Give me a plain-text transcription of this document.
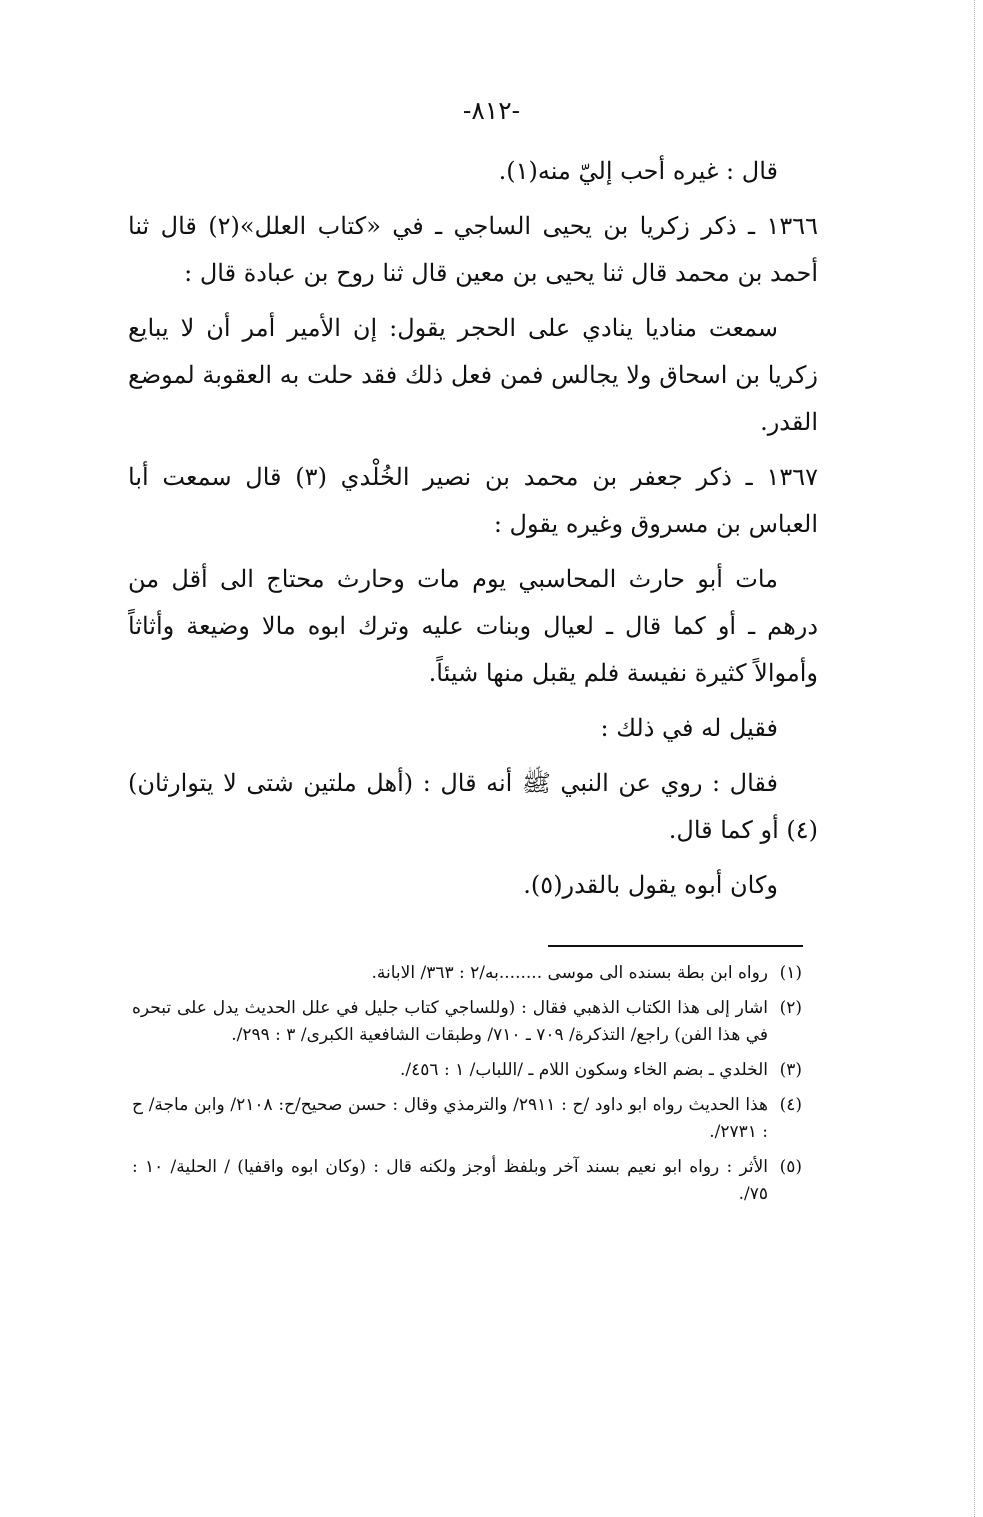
-٨١٢-

قال : غيره أحب إليّ منه(١).

١٣٦٦ ـ ذكر زكريا بن يحيى الساجي ـ في «كتاب العلل»(٢) قال ثنا أحمد بن محمد قال ثنا يحيى بن معين قال ثنا روح بن عبادة قال :

سمعت مناديا ينادي على الحجر يقول: إن الأمير أمر أن لا يبايع زكريا بن اسحاق ولا يجالس فمن فعل ذلك فقد حلت به العقوبة لموضع القدر.

١٣٦٧ ـ ذكر جعفر بن محمد بن نصير الخُلْدي (٣) قال سمعت أبا العباس بن مسروق وغيره يقول :

مات أبو حارث المحاسبي يوم مات وحارث محتاج الى أقل من درهم ـ أو كما قال ـ لعيال وبنات عليه وترك ابوه مالا وضيعة وأثاثاً وأموالاً كثيرة نفيسة فلم يقبل منها شيئاً.

فقيل له في ذلك :

فقال : روي عن النبي ﷺ أنه قال : (أهل ملتين شتى لا يتوارثان)(٤) أو كما قال.

وكان أبوه يقول بالقدر(٥).

(١)
رواه ابن بطة بسنده الى موسى ........به/٢ : ٣٦٣/ الابانة.
(٢)
اشار إلى هذا الكتاب الذهبي فقال : (وللساجي كتاب جليل في علل الحديث يدل على تبحره في هذا الفن) راجع/ التذكرة/ ٧٠٩ ـ ٧١٠/ وطبقات الشافعية الكبرى/ ٣ : ٢٩٩/.
(٣)
الخلدي ـ بضم الخاء وسكون اللام ـ /اللباب/ ١ : ٤٥٦/.
(٤)
هذا الحديث رواه ابو داود /ح : ٢٩١١/ والترمذي وقال : حسن صحيح/ح: ٢١٠٨/ وابن ماجة/ ح : ٢٧٣١/.
(٥)
الأثر : رواه ابو نعيم بسند آخر وبلفظ أوجز ولكنه قال : (وكان ابوه واقفيا) / الحلية/ ١٠ : ٧٥/.
